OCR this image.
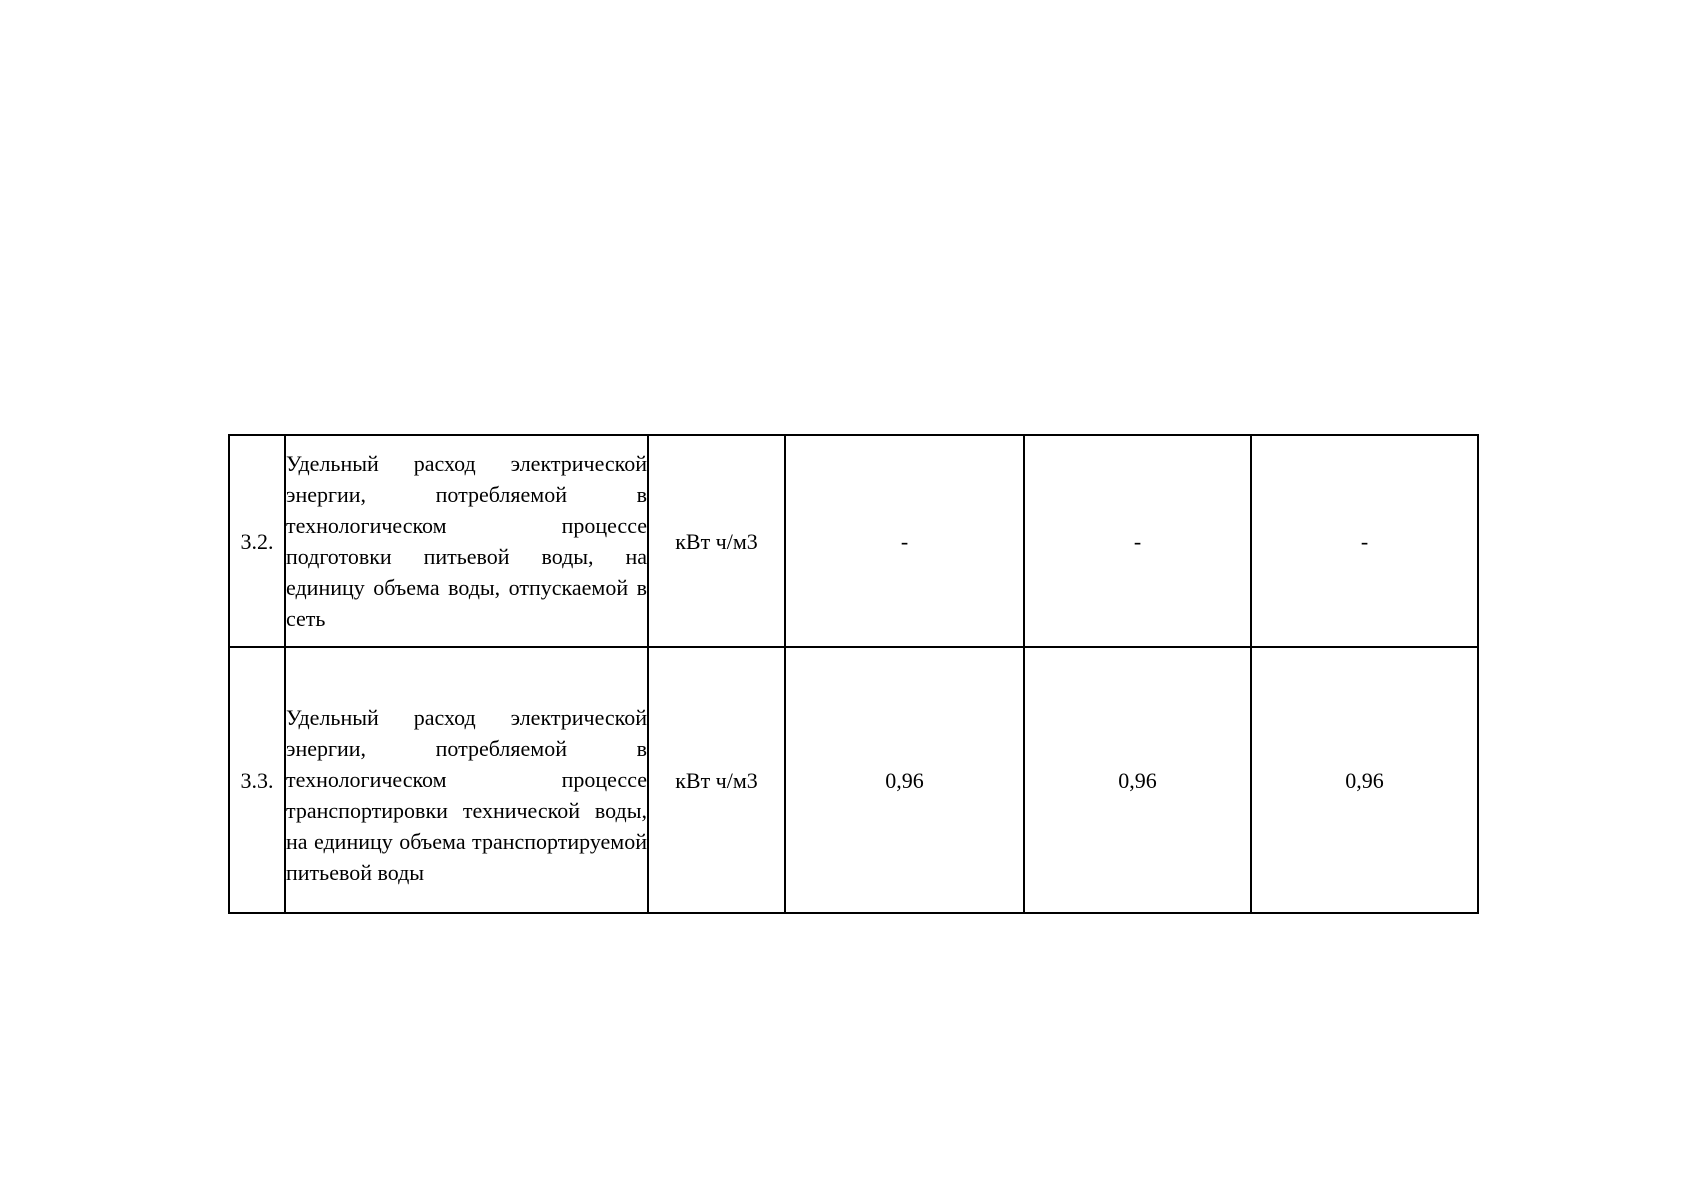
3.2.	Удельный расход электрической энергии, потребляемой в технологическом процессе подготовки питьевой воды, на единицу объема воды, отпускаемой в сеть	кВт ч/м3	-	-	-
3.3.	Удельный расход электрической энергии, потребляемой в технологическом процессе транспортировки технической воды, на единицу объема транспортируемой питьевой воды	кВт ч/м3	0,96	0,96	0,96
